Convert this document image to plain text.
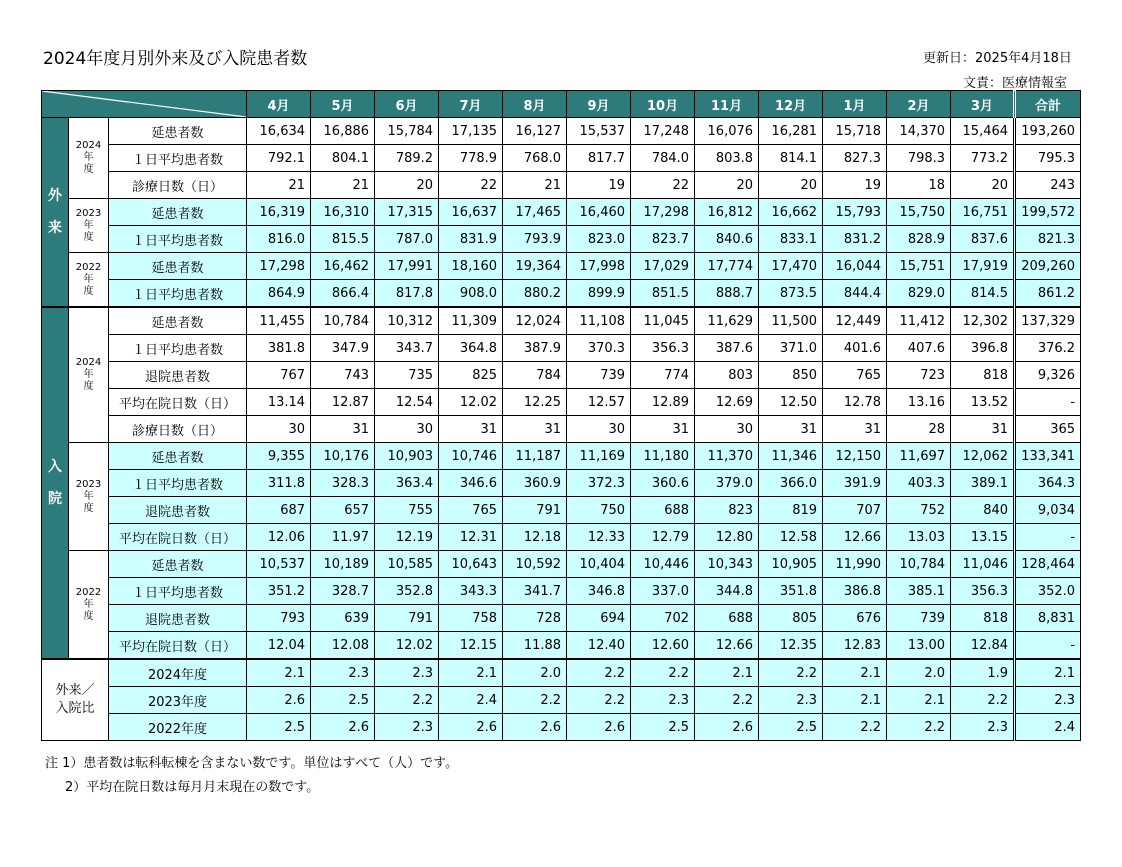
2024年度月別外来及び入院患者数	更新日：2025年4月18日
文責：医療情報室
	4月	5月	6月	7月	8月	9月	10月	11月	12月	1月	2月	3月	合計
外
来	2024
年
度	延患者数	16,634	16,886	15,784	17,135	16,127	15,537	17,248	16,076	16,281	15,718	14,370	15,464	193,260
		１日平均患者数	792.1	804.1	789.2	778.9	768.0	817.7	784.0	803.8	814.1	827.3	798.3	773.2	795.3
		診療日数（日）	21	21	20	22	21	19	22	20	20	19	18	20	243
	2023
年
度	延患者数	16,319	16,310	17,315	16,637	17,465	16,460	17,298	16,812	16,662	15,793	15,750	16,751	199,572
		１日平均患者数	816.0	815.5	787.0	831.9	793.9	823.0	823.7	840.6	833.1	831.2	828.9	837.6	821.3
	2022
年
度	延患者数	17,298	16,462	17,991	18,160	19,364	17,998	17,029	17,774	17,470	16,044	15,751	17,919	209,260
		１日平均患者数	864.9	866.4	817.8	908.0	880.2	899.9	851.5	888.7	873.5	844.4	829.0	814.5	861.2
入
院	2024
年
度	延患者数	11,455	10,784	10,312	11,309	12,024	11,108	11,045	11,629	11,500	12,449	11,412	12,302	137,329
		１日平均患者数	381.8	347.9	343.7	364.8	387.9	370.3	356.3	387.6	371.0	401.6	407.6	396.8	376.2
		退院患者数	767	743	735	825	784	739	774	803	850	765	723	818	9,326
		平均在院日数（日）	13.14	12.87	12.54	12.02	12.25	12.57	12.89	12.69	12.50	12.78	13.16	13.52	-
		診療日数（日）	30	31	30	31	31	30	31	30	31	31	28	31	365
	2023
年
度	延患者数	9,355	10,176	10,903	10,746	11,187	11,169	11,180	11,370	11,346	12,150	11,697	12,062	133,341
		１日平均患者数	311.8	328.3	363.4	346.6	360.9	372.3	360.6	379.0	366.0	391.9	403.3	389.1	364.3
		退院患者数	687	657	755	765	791	750	688	823	819	707	752	840	9,034
		平均在院日数（日）	12.06	11.97	12.19	12.31	12.18	12.33	12.79	12.80	12.58	12.66	13.03	13.15	-
	2022
年
度	延患者数	10,537	10,189	10,585	10,643	10,592	10,404	10,446	10,343	10,905	11,990	10,784	11,046	128,464
		１日平均患者数	351.2	328.7	352.8	343.3	341.7	346.8	337.0	344.8	351.8	386.8	385.1	356.3	352.0
		退院患者数	793	639	791	758	728	694	702	688	805	676	739	818	8,831
		平均在院日数（日）	12.04	12.08	12.02	12.15	11.88	12.40	12.60	12.66	12.35	12.83	13.00	12.84	-
外来／
入院比		2024年度	2.1	2.3	2.3	2.1	2.0	2.2	2.2	2.1	2.2	2.1	2.0	1.9	2.1
		2023年度	2.6	2.5	2.2	2.4	2.2	2.2	2.3	2.2	2.3	2.1	2.1	2.2	2.3
		2022年度	2.5	2.6	2.3	2.6	2.6	2.6	2.5	2.6	2.5	2.2	2.2	2.3	2.4
注 1）患者数は転科転棟を含まない数です。単位はすべて（人）です。
2）平均在院日数は毎月月末現在の数です。
